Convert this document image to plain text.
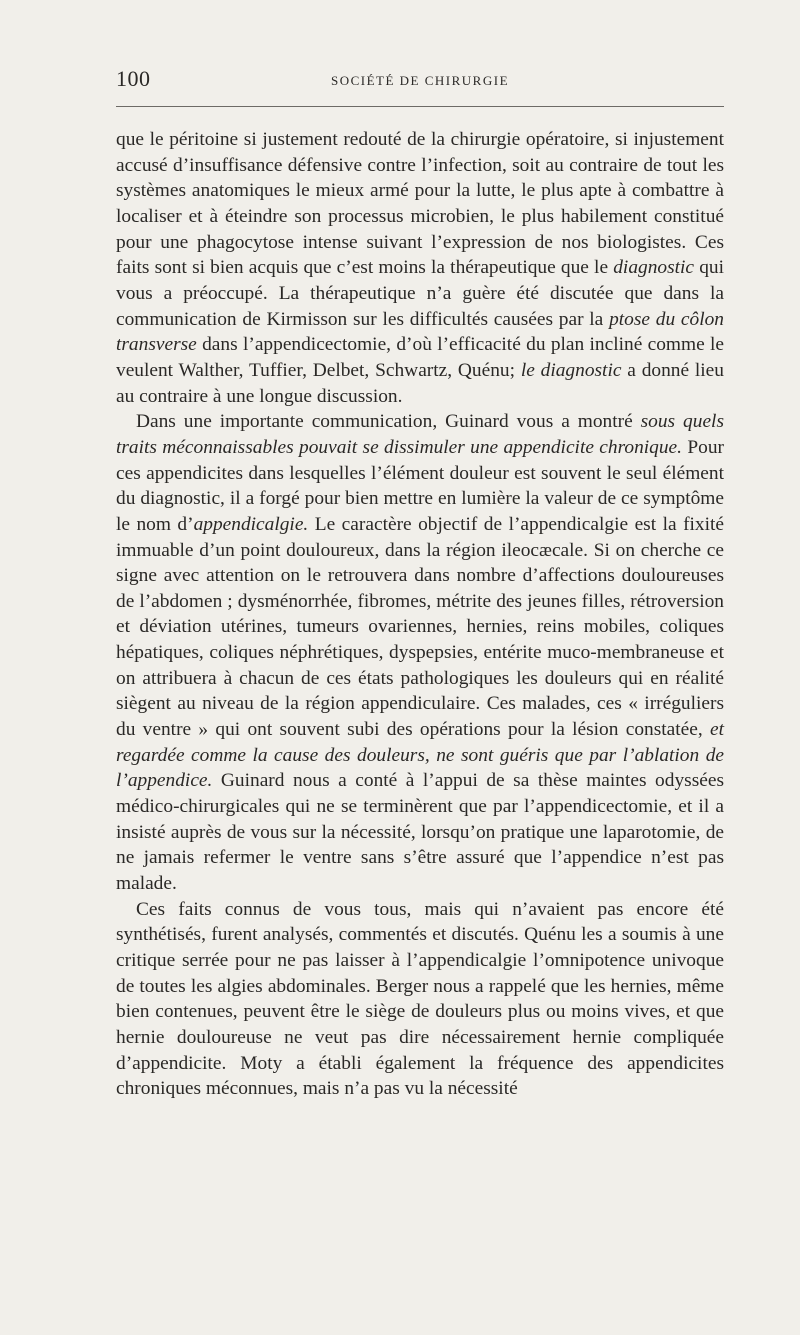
100	SOCIÉTÉ DE CHIRURGIE

que le péritoine si justement redouté de la chirurgie opératoire, si injustement accusé d’insuffisance défensive contre l’infection, soit au contraire de tout les systèmes anatomiques le mieux armé pour la lutte, le plus apte à combattre à localiser et à éteindre son processus microbien, le plus habilement constitué pour une phagocytose intense suivant l’expression de nos biologistes. Ces faits sont si bien acquis que c’est moins la thérapeutique que le diagnostic qui vous a préoccupé. La thérapeutique n’a guère été discutée que dans la communication de Kirmisson sur les difficultés causées par la ptose du côlon transverse dans l’appendicectomie, d’où l’efficacité du plan incliné comme le veulent Walther, Tuffier, Delbet, Schwartz, Quénu; le diagnostic a donné lieu au contraire à une longue discussion.

Dans une importante communication, Guinard vous a montré sous quels traits méconnaissables pouvait se dissimuler une appendicite chronique. Pour ces appendicites dans lesquelles l’élément douleur est souvent le seul élément du diagnostic, il a forgé pour bien mettre en lumière la valeur de ce symptôme le nom d’appendicalgie. Le caractère objectif de l’appendicalgie est la fixité immuable d’un point douloureux, dans la région ileocæcale. Si on cherche ce signe avec attention on le retrouvera dans nombre d’affections douloureuses de l’abdomen ; dysménorrhée, fibromes, métrite des jeunes filles, rétroversion et déviation utérines, tumeurs ovariennes, hernies, reins mobiles, coliques hépatiques, coliques néphrétiques, dyspepsies, entérite muco-membraneuse et on attribuera à chacun de ces états pathologiques les douleurs qui en réalité siègent au niveau de la région appendiculaire. Ces malades, ces « irréguliers du ventre » qui ont souvent subi des opérations pour la lésion constatée, et regardée comme la cause des douleurs, ne sont guéris que par l’ablation de l’appendice. Guinard nous a conté à l’appui de sa thèse maintes odyssées médico-chirurgicales qui ne se terminèrent que par l’appendicectomie, et il a insisté auprès de vous sur la nécessité, lorsqu’on pratique une laparotomie, de ne jamais refermer le ventre sans s’être assuré que l’appendice n’est pas malade.

Ces faits connus de vous tous, mais qui n’avaient pas encore été synthétisés, furent analysés, commentés et discutés. Quénu les a soumis à une critique serrée pour ne pas laisser à l’appendicalgie l’omnipotence univoque de toutes les algies abdominales. Berger nous a rappelé que les hernies, même bien contenues, peuvent être le siège de douleurs plus ou moins vives, et que hernie douloureuse ne veut pas dire nécessairement hernie compliquée d’appendicite. Moty a établi également la fréquence des appendicites chroniques méconnues, mais n’a pas vu la nécessité
